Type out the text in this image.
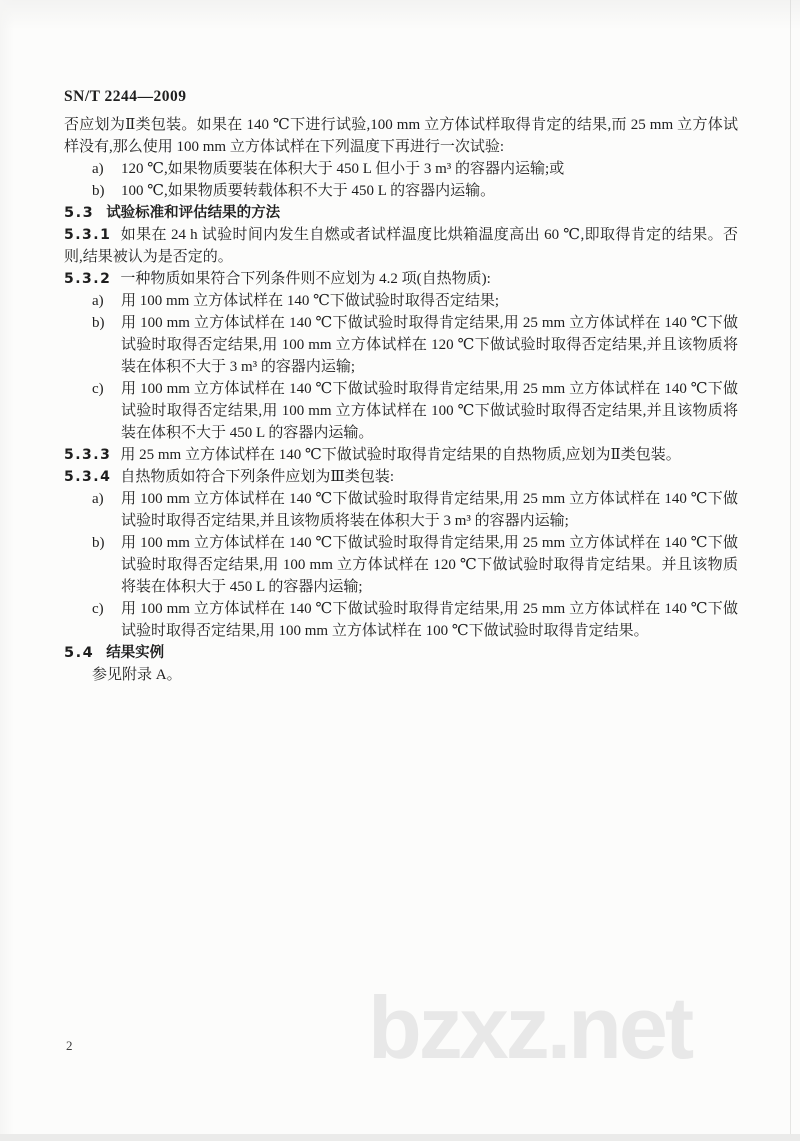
SN/T 2244—2009

否应划为Ⅱ类包装。如果在 140 ℃下进行试验,100 mm 立方体试样取得肯定的结果,而 25 mm 立方体试样没有,那么使用 100 mm 立方体试样在下列温度下再进行一次试验:

a)	120 ℃,如果物质要装在体积大于 450 L 但小于 3 m³ 的容器内运输;或
b)	100 ℃,如果物质要转载体积不大于 450 L 的容器内运输。

5.3 试验标准和评估结果的方法

5.3.1 如果在 24 h 试验时间内发生自燃或者试样温度比烘箱温度高出 60 ℃,即取得肯定的结果。否则,结果被认为是否定的。

5.3.2 一种物质如果符合下列条件则不应划为 4.2 项(自热物质):

a)	用 100 mm 立方体试样在 140 ℃下做试验时取得否定结果;
b)	用 100 mm 立方体试样在 140 ℃下做试验时取得肯定结果,用 25 mm 立方体试样在 140 ℃下做试验时取得否定结果,用 100 mm 立方体试样在 120 ℃下做试验时取得否定结果,并且该物质将装在体积不大于 3 m³ 的容器内运输;
c)	用 100 mm 立方体试样在 140 ℃下做试验时取得肯定结果,用 25 mm 立方体试样在 140 ℃下做试验时取得否定结果,用 100 mm 立方体试样在 100 ℃下做试验时取得否定结果,并且该物质将装在体积不大于 450 L 的容器内运输。

5.3.3 用 25 mm 立方体试样在 140 ℃下做试验时取得肯定结果的自热物质,应划为Ⅱ类包装。

5.3.4 自热物质如符合下列条件应划为Ⅲ类包装:

a)	用 100 mm 立方体试样在 140 ℃下做试验时取得肯定结果,用 25 mm 立方体试样在 140 ℃下做试验时取得否定结果,并且该物质将装在体积大于 3 m³ 的容器内运输;
b)	用 100 mm 立方体试样在 140 ℃下做试验时取得肯定结果,用 25 mm 立方体试样在 140 ℃下做试验时取得否定结果,用 100 mm 立方体试样在 120 ℃下做试验时取得肯定结果。并且该物质将装在体积大于 450 L 的容器内运输;
c)	用 100 mm 立方体试样在 140 ℃下做试验时取得肯定结果,用 25 mm 立方体试样在 140 ℃下做试验时取得否定结果,用 100 mm 立方体试样在 100 ℃下做试验时取得肯定结果。

5.4 结果实例

参见附录 A。

bzxz.net
2
